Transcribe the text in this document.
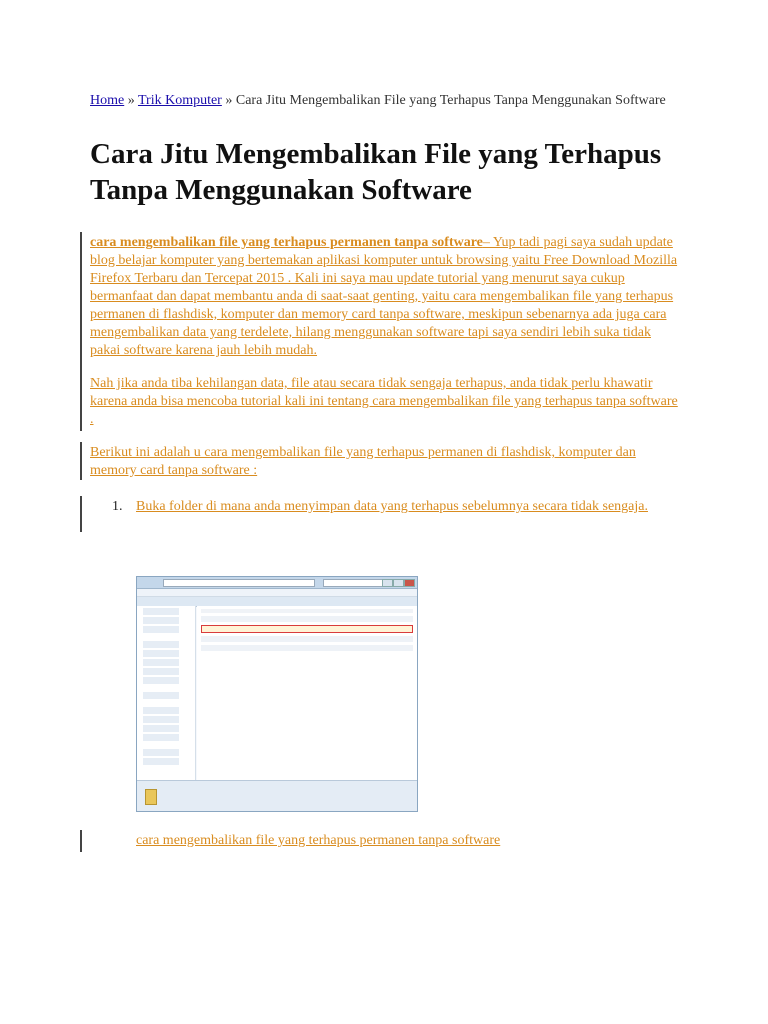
Home » Trik Komputer » Cara Jitu Mengembalikan File yang Terhapus Tanpa Menggunakan Software
Cara Jitu Mengembalikan File yang Terhapus Tanpa Menggunakan Software

cara mengembalikan file yang terhapus permanen tanpa software– Yup tadi pagi saya sudah update blog belajar komputer yang bertemakan aplikasi komputer untuk browsing yaitu Free Download Mozilla Firefox Terbaru dan Tercepat 2015 . Kali ini saya mau update tutorial yang menurut saya cukup bermanfaat dan dapat membantu anda di saat-saat genting, yaitu cara mengembalikan file yang terhapus permanen di flashdisk, komputer dan memory card tanpa software, meskipun sebenarnya ada juga cara mengembalikan data yang terdelete, hilang menggunakan software tapi saya sendiri lebih suka tidak pakai software karena jauh lebih mudah.

Nah jika anda tiba kehilangan data, file atau secara tidak sengaja terhapus, anda tidak perlu khawatir karena anda bisa mencoba tutorial kali ini tentang cara mengembalikan file yang terhapus tanpa software .

Berikut ini adalah u cara mengembalikan file yang terhapus permanen di flashdisk, komputer dan memory card tanpa software :

1. Buka folder di mana anda menyimpan data yang terhapus sebelumnya secara tidak sengaja.
cara mengembalikan file yang terhapus permanen tanpa software
